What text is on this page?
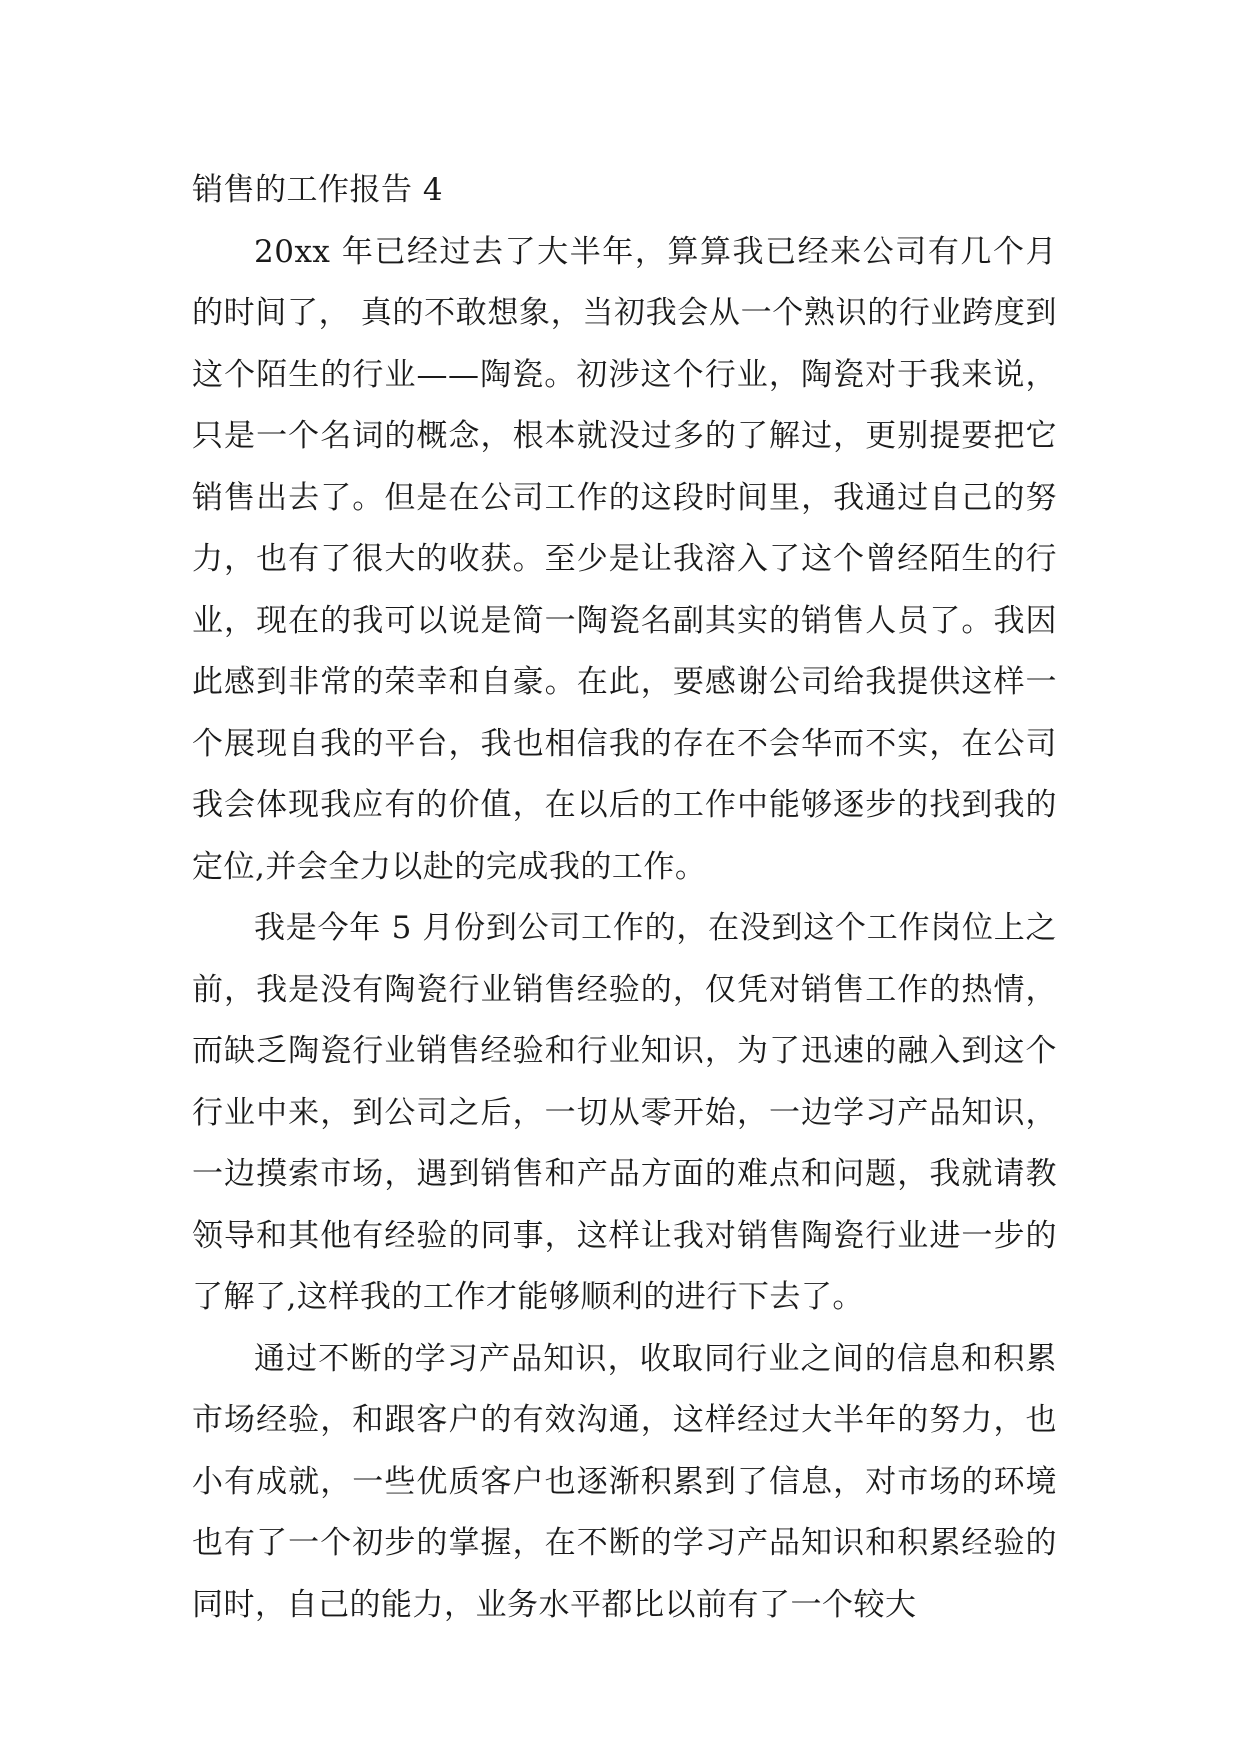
销售的工作报告 4

20xx 年已经过去了大半年，算算我已经来公司有几个月的时间了， 真的不敢想象，当初我会从一个熟识的行业跨度到这个陌生的行业——陶瓷。初涉这个行业，陶瓷对于我来说，只是一个名词的概念，根本就没过多的了解过，更别提要把它销售出去了。但是在公司工作的这段时间里，我通过自己的努力，也有了很大的收获。至少是让我溶入了这个曾经陌生的行业，现在的我可以说是简一陶瓷名副其实的销售人员了。我因此感到非常的荣幸和自豪。在此，要感谢公司给我提供这样一个展现自我的平台，我也相信我的存在不会华而不实，在公司我会体现我应有的价值，在以后的工作中能够逐步的找到我的定位,并会全力以赴的完成我的工作。

我是今年 5 月份到公司工作的，在没到这个工作岗位上之前，我是没有陶瓷行业销售经验的，仅凭对销售工作的热情，而缺乏陶瓷行业销售经验和行业知识，为了迅速的融入到这个行业中来，到公司之后，一切从零开始，一边学习产品知识，一边摸索市场，遇到销售和产品方面的难点和问题，我就请教领导和其他有经验的同事，这样让我对销售陶瓷行业进一步的了解了,这样我的工作才能够顺利的进行下去了。

通过不断的学习产品知识，收取同行业之间的信息和积累市场经验，和跟客户的有效沟通，这样经过大半年的努力，也小有成就，一些优质客户也逐渐积累到了信息，对市场的环境也有了一个初步的掌握，在不断的学习产品知识和积累经验的同时，自己的能力，业务水平都比以前有了一个较大
